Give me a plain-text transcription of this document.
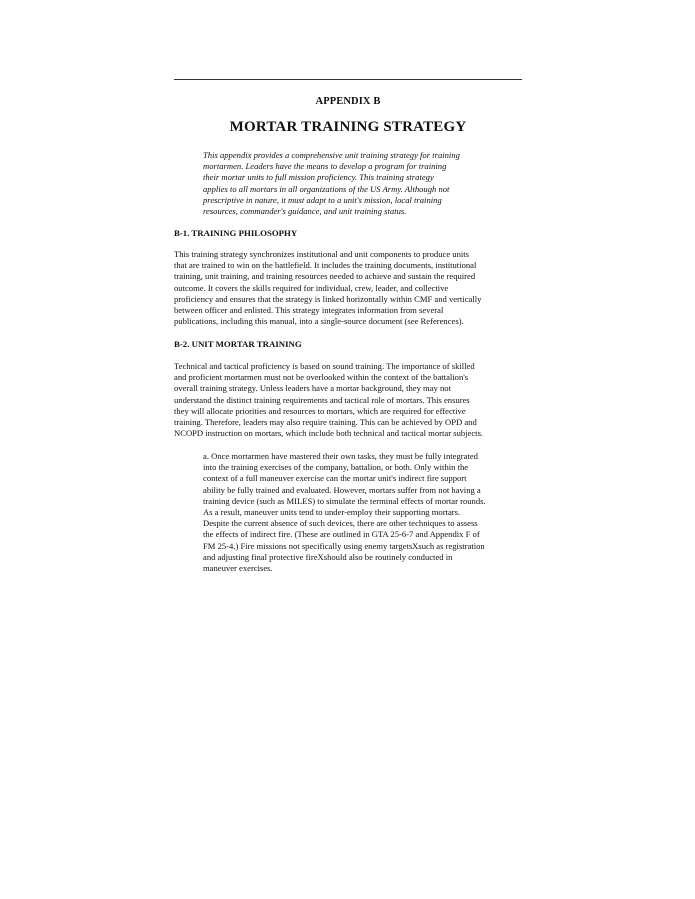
APPENDIX B
MORTAR TRAINING STRATEGY
This appendix provides a comprehensive unit training strategy for training
mortarmen. Leaders have the means to develop a program for training
their mortar units to full mission proficiency. This training strategy
applies to all mortars in all organizations of the US Army. Although not
prescriptive in nature, it must adapt to a unit's mission, local training
resources, commander's guidance, and unit training status.
B-1. TRAINING PHILOSOPHY
This training strategy synchronizes institutional and unit components to produce units
that are trained to win on the battlefield. It includes the training documents, institutional
training, unit training, and training resources needed to achieve and sustain the required
outcome. It covers the skills required for individual, crew, leader, and collective
proficiency and ensures that the strategy is linked horizontally within CMF and vertically
between officer and enlisted. This strategy integrates information from several
publications, including this manual, into a single-source document (see References).
B-2. UNIT MORTAR TRAINING
Technical and tactical proficiency is based on sound training. The importance of skilled
and proficient mortarmen must not be overlooked within the context of the battalion's
overall training strategy. Unless leaders have a mortar background, they may not
understand the distinct training requirements and tactical role of mortars. This ensures
they will allocate priorities and resources to mortars, which are required for effective
training. Therefore, leaders may also require training. This can be achieved by OPD and
NCOPD instruction on mortars, which include both technical and tactical mortar subjects.
a. Once mortarmen have mastered their own tasks, they must be fully integrated
into the training exercises of the company, battalion, or both. Only within the
context of a full maneuver exercise can the mortar unit's indirect fire support
ability be fully trained and evaluated. However, mortars suffer from not having a
training device (such as MILES) to simulate the terminal effects of mortar rounds.
As a result, maneuver units tend to under-employ their supporting mortars.
Despite the current absence of such devices, there are other techniques to assess
the effects of indirect fire. (These are outlined in GTA 25-6-7 and Appendix F of
FM 25-4.) Fire missions not specifically using enemy targetsXsuch as registration
and adjusting final protective fireXshould also be routinely conducted in
maneuver exercises.
